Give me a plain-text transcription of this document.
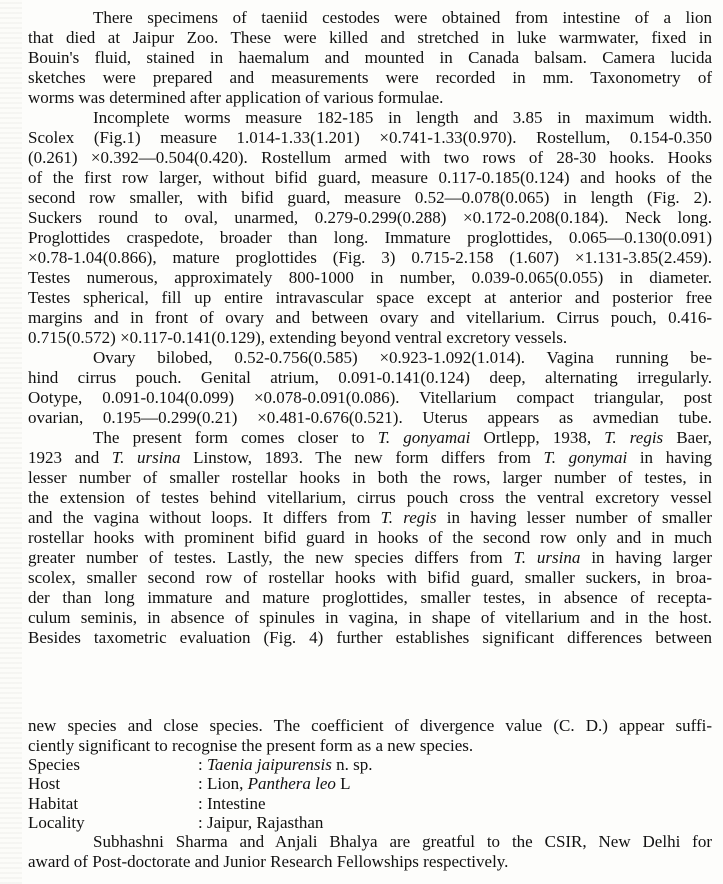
There specimens of taeniid cestodes were obtained from intestine of a lion
that died at Jaipur Zoo. These were killed and stretched in luke warmwater, fixed in
Bouin's fluid, stained in haemalum and mounted in Canada balsam. Camera lucida
sketches were prepared and measurements were recorded in mm. Taxonometry of
worms was determined after application of various formulae.
Incomplete worms measure 182-185 in length and 3.85 in maximum width.
Scolex (Fig.1) measure 1.014-1.33(1.201) ×0.741-1.33(0.970). Rostellum, 0.154-0.350
(0.261) ×0.392—0.504(0.420). Rostellum armed with two rows of 28-30 hooks. Hooks
of the first row larger, without bifid guard, measure 0.117-0.185(0.124) and hooks of the
second row smaller, with bifid guard, measure 0.52—0.078(0.065) in length (Fig. 2).
Suckers round to oval, unarmed, 0.279-0.299(0.288) ×0.172-0.208(0.184). Neck long.
Proglottides craspedote, broader than long. Immature proglottides, 0.065—0.130(0.091)
×0.78-1.04(0.866), mature proglottides (Fig. 3) 0.715-2.158 (1.607) ×1.131-3.85(2.459).
Testes numerous, approximately 800-1000 in number, 0.039-0.065(0.055) in diameter.
Testes spherical, fill up entire intravascular space except at anterior and posterior free
margins and in front of ovary and between ovary and vitellarium. Cirrus pouch, 0.416-
0.715(0.572) ×0.117-0.141(0.129), extending beyond ventral excretory vessels.
Ovary bilobed, 0.52-0.756(0.585) ×0.923-1.092(1.014). Vagina running be-
hind cirrus pouch. Genital atrium, 0.091-0.141(0.124) deep, alternating irregularly.
Ootype, 0.091-0.104(0.099) ×0.078-0.091(0.086). Vitellarium compact triangular, post
ovarian, 0.195—0.299(0.21) ×0.481-0.676(0.521). Uterus appears as avmedian tube.
The present form comes closer to T. gonyamai Ortlepp, 1938, T. regis Baer,
1923 and T. ursina Linstow, 1893. The new form differs from T. gonymai in having
lesser number of smaller rostellar hooks in both the rows, larger number of testes, in
the extension of testes behind vitellarium, cirrus pouch cross the ventral excretory vessel
and the vagina without loops. It differs from T. regis in having lesser number of smaller
rostellar hooks with prominent bifid guard in hooks of the second row only and in much
greater number of testes. Lastly, the new species differs from T. ursina in having larger
scolex, smaller second row of rostellar hooks with bifid guard, smaller suckers, in broa-
der than long immature and mature proglottides, smaller testes, in absence of recepta-
culum seminis, in absence of spinules in vagina, in shape of vitellarium and in the host.
Besides taxometric evaluation (Fig. 4) further establishes significant differences between
new species and close species. The coefficient of divergence value (C. D.) appear suffi-
ciently significant to recognise the present form as a new species.
Species	: Taenia jaipurensis n. sp.
Host	: Lion, Panthera leo L
Habitat	: Intestine
Locality	: Jaipur, Rajasthan
Subhashni Sharma and Anjali Bhalya are greatful to the CSIR, New Delhi for
award of Post-doctorate and Junior Research Fellowships respectively.
